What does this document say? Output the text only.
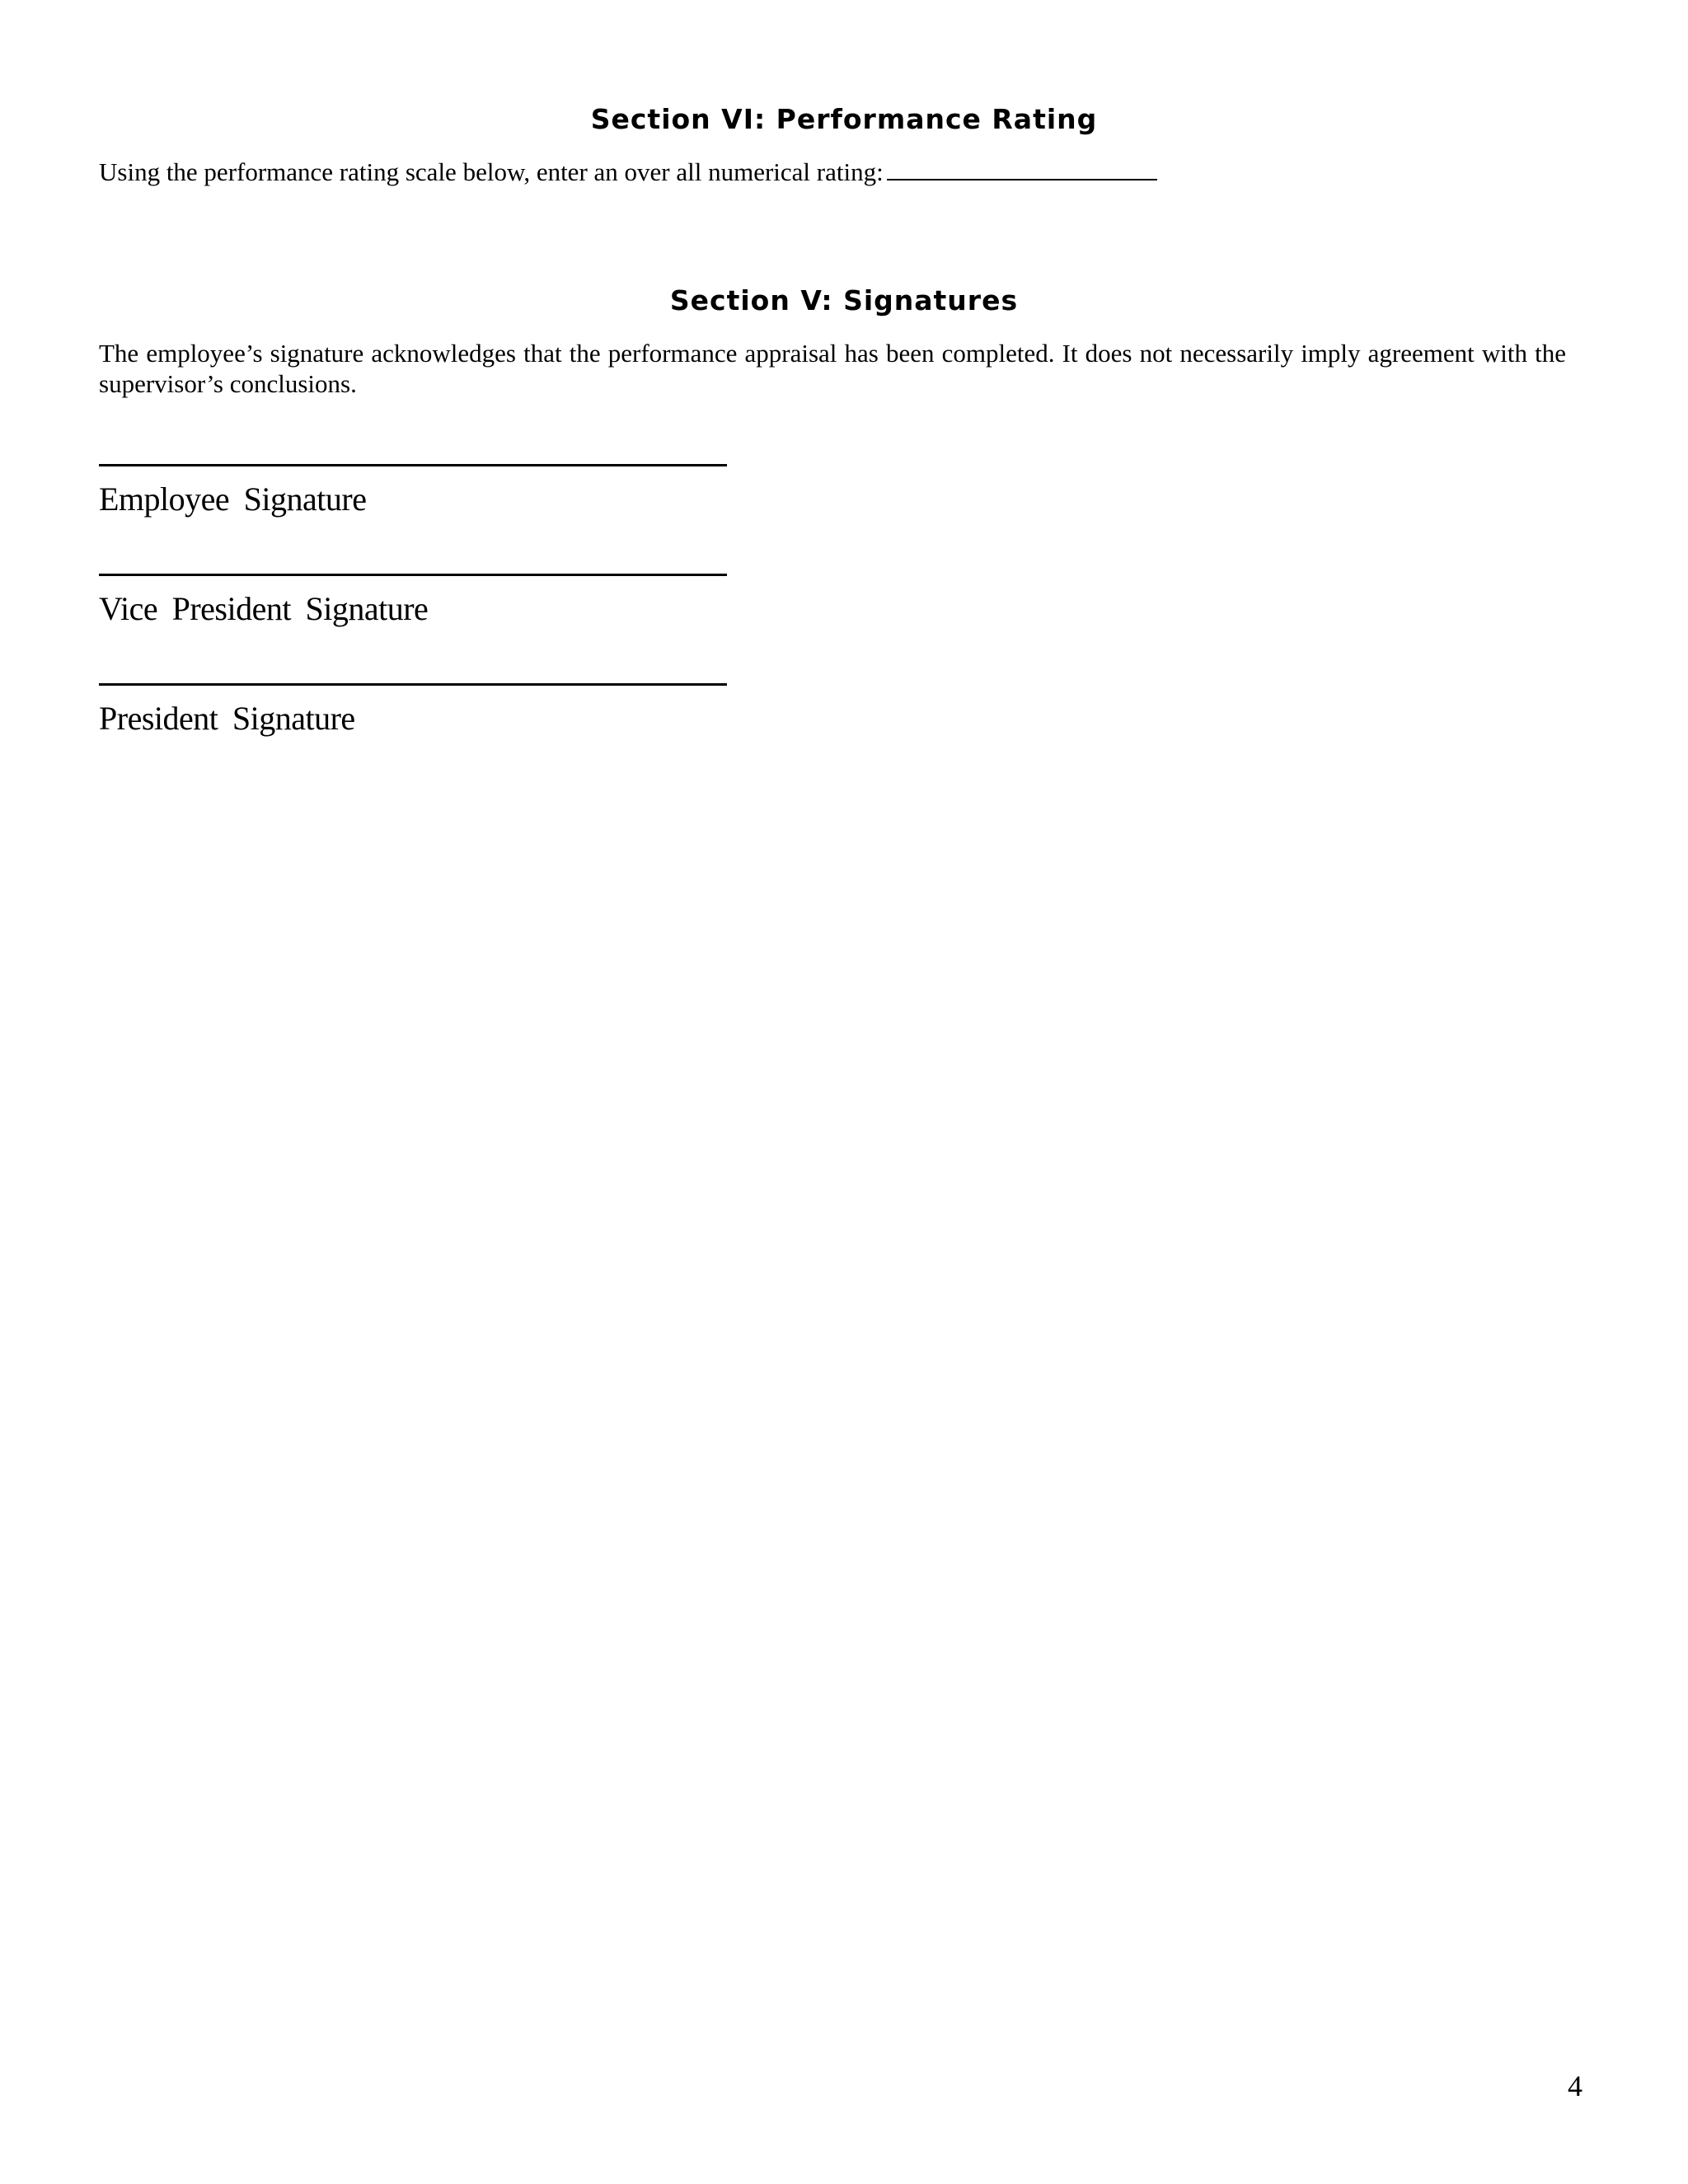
Section VI: Performance Rating

Using the performance rating scale below, enter an over all numerical rating:

Section V: Signatures

The employee’s signature acknowledges that the performance appraisal has been completed. It does not necessarily imply agreement with the supervisor’s conclusions.

Employee Signature
Vice President Signature
President Signature
4
